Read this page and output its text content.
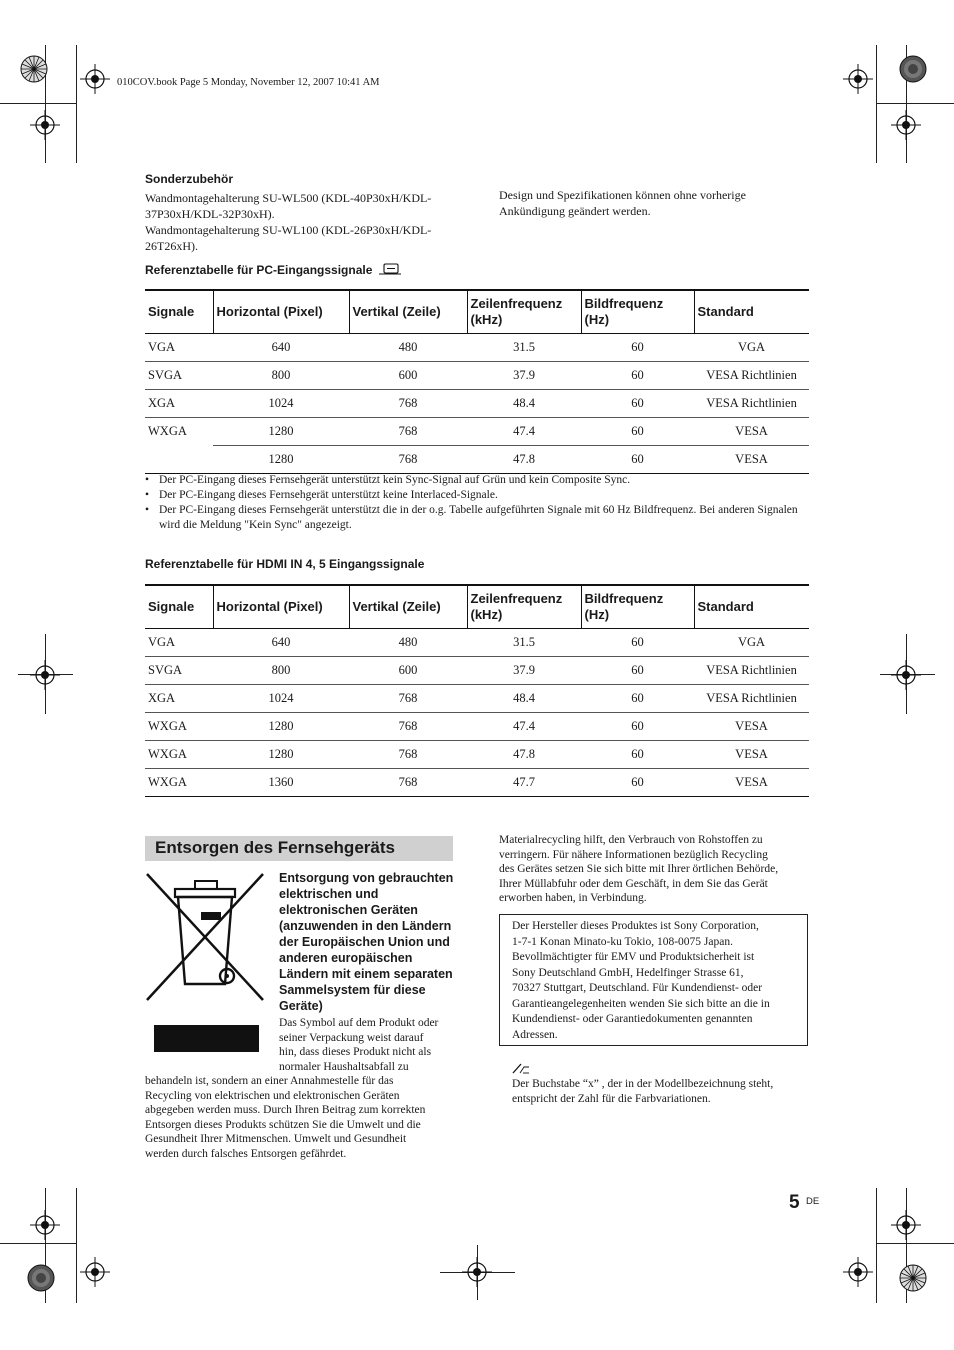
010COV.book Page 5 Monday, November 12, 2007 10:41 AM
Sonderzubehör
Wandmontagehalterung SU-WL500 (KDL-40P30xH/KDL-
37P30xH/KDL-32P30xH).
Wandmontagehalterung SU-WL100 (KDL-26P30xH/KDL-
26T26xH).
Design und Spezifikationen können ohne vorherige
Ankündigung geändert werden.
Referenztabelle für PC-Eingangssignale
Signale	Horizontal (Pixel)	Vertikal (Zeile)	Zeilenfrequenz (kHz)	Bildfrequenz (Hz)	Standard
VGA	640	480	31.5	60	VGA
SVGA	800	600	37.9	60	VESA Richtlinien
XGA	1024	768	48.4	60	VESA Richtlinien
WXGA	1280	768	47.4	60	VESA
	1280	768	47.8	60	VESA
• Der PC-Eingang dieses Fernsehgerät unterstützt kein Sync-Signal auf Grün und kein Composite Sync.
• Der PC-Eingang dieses Fernsehgerät unterstützt keine Interlaced-Signale.
• Der PC-Eingang dieses Fernsehgerät unterstützt die in der o.g. Tabelle aufgeführten Signale mit 60 Hz Bildfrequenz. Bei anderen Signalen wird die Meldung "Kein Sync" angezeigt.
Referenztabelle für HDMI IN 4, 5 Eingangssignale
Signale	Horizontal (Pixel)	Vertikal (Zeile)	Zeilenfrequenz (kHz)	Bildfrequenz (Hz)	Standard
VGA	640	480	31.5	60	VGA
SVGA	800	600	37.9	60	VESA Richtlinien
XGA	1024	768	48.4	60	VESA Richtlinien
WXGA	1280	768	47.4	60	VESA
WXGA	1280	768	47.8	60	VESA
WXGA	1360	768	47.7	60	VESA
Entsorgen des Fernsehgeräts
Entsorgung von gebrauchten
elektrischen und
elektronischen Geräten
(anzuwenden in den Ländern
der Europäischen Union und
anderen europäischen
Ländern mit einem separaten
Sammelsystem für diese
Geräte)
Das Symbol auf dem Produkt oder
seiner Verpackung weist darauf
hin, dass dieses Produkt nicht als
normaler Haushaltsabfall zu
behandeln ist, sondern an einer Annahmestelle für das
Recycling von elektrischen und elektronischen Geräten
abgegeben werden muss. Durch Ihren Beitrag zum korrekten
Entsorgen dieses Produkts schützen Sie die Umwelt und die
Gesundheit Ihrer Mitmenschen. Umwelt und Gesundheit
werden durch falsches Entsorgen gefährdet.
Materialrecycling hilft, den Verbrauch von Rohstoffen zu
verringern. Für nähere Informationen bezüglich Recycling
des Gerätes setzen Sie sich bitte mit Ihrer örtlichen Behörde,
Ihrer Müllabfuhr oder dem Geschäft, in dem Sie das Gerät
erworben haben, in Verbindung.
Der Hersteller dieses Produktes ist Sony Corporation,
1-7-1 Konan Minato-ku Tokio, 108-0075 Japan.
Bevollmächtigter für EMV und Produktsicherheit ist
Sony Deutschland GmbH, Hedelfinger Strasse 61,
70327 Stuttgart, Deutschland. Für Kundendienst- oder
Garantieangelegenheiten wenden Sie sich bitte an die in
Kundendienst- oder Garantiedokumenten genannten
Adressen.
Der Buchstabe “x” , der in der Modellbezeichnung steht,
entspricht der Zahl für die Farbvariationen.
5 $^{DE}$
